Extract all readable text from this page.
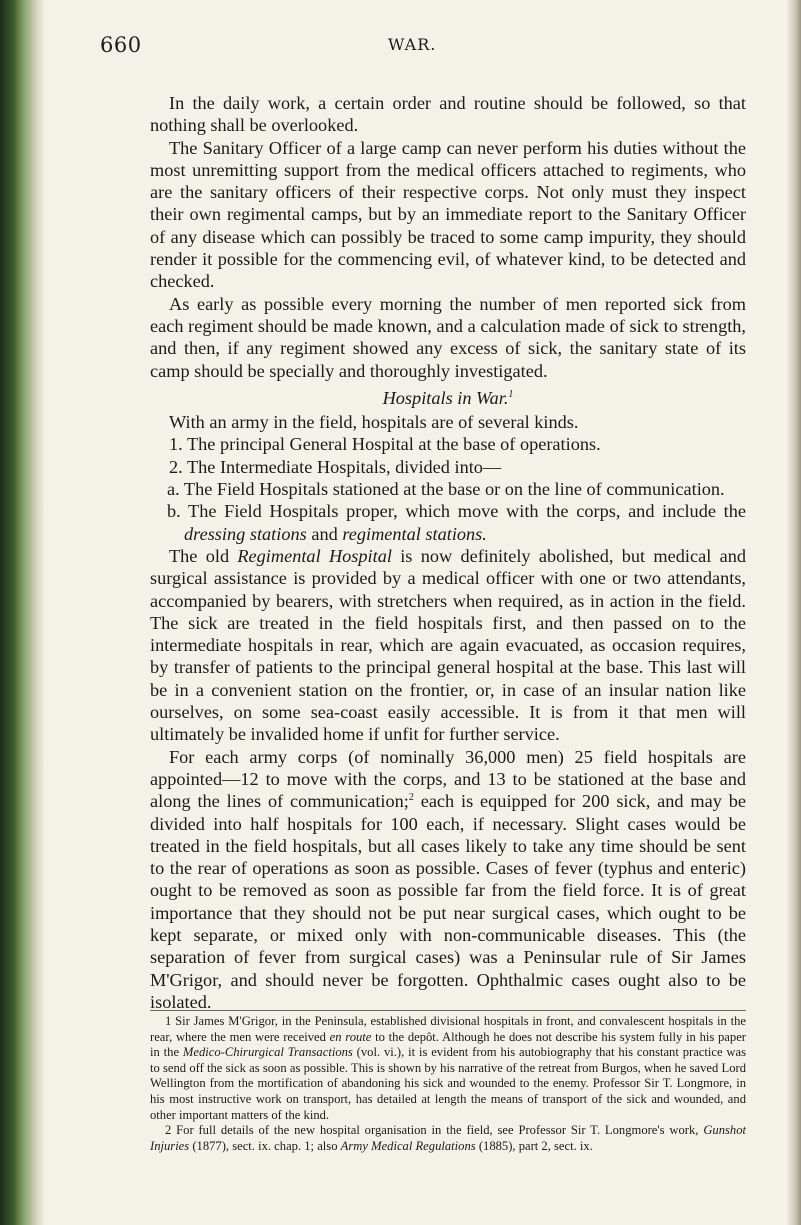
660	WAR.

In the daily work, a certain order and routine should be followed, so that nothing shall be overlooked.

The Sanitary Officer of a large camp can never perform his duties without the most unremitting support from the medical officers attached to regiments, who are the sanitary officers of their respective corps. Not only must they inspect their own regimental camps, but by an immediate report to the Sanitary Officer of any disease which can possibly be traced to some camp impurity, they should render it possible for the commencing evil, of whatever kind, to be detected and checked.

As early as possible every morning the number of men reported sick from each regiment should be made known, and a calculation made of sick to strength, and then, if any regiment showed any excess of sick, the sanitary state of its camp should be specially and thoroughly investigated.

Hospitals in War.$^1$

With an army in the field, hospitals are of several kinds.

1. The principal General Hospital at the base of operations.

2. The Intermediate Hospitals, divided into—

a. The Field Hospitals stationed at the base or on the line of communication.

b. The Field Hospitals proper, which move with the corps, and include the dressing stations and regimental stations.

The old Regimental Hospital is now definitely abolished, but medical and surgical assistance is provided by a medical officer with one or two attendants, accompanied by bearers, with stretchers when required, as in action in the field. The sick are treated in the field hospitals first, and then passed on to the intermediate hospitals in rear, which are again evacuated, as occasion requires, by transfer of patients to the principal general hospital at the base. This last will be in a convenient station on the frontier, or, in case of an insular nation like ourselves, on some sea-coast easily accessible. It is from it that men will ultimately be invalided home if unfit for further service.

For each army corps (of nominally 36,000 men) 25 field hospitals are appointed—12 to move with the corps, and 13 to be stationed at the base and along the lines of communication;$^2$ each is equipped for 200 sick, and may be divided into half hospitals for 100 each, if necessary. Slight cases would be treated in the field hospitals, but all cases likely to take any time should be sent to the rear of operations as soon as possible. Cases of fever (typhus and enteric) ought to be removed as soon as possible far from the field force. It is of great importance that they should not be put near surgical cases, which ought to be kept separate, or mixed only with non-communicable diseases. This (the separation of fever from surgical cases) was a Peninsular rule of Sir James M'Grigor, and should never be forgotten. Ophthalmic cases ought also to be isolated.

1 Sir James M'Grigor, in the Peninsula, established divisional hospitals in front, and convalescent hospitals in the rear, where the men were received en route to the depôt. Although he does not describe his system fully in his paper in the Medico-Chirurgical Transactions (vol. vi.), it is evident from his autobiography that his constant practice was to send off the sick as soon as possible. This is shown by his narrative of the retreat from Burgos, when he saved Lord Wellington from the mortification of abandoning his sick and wounded to the enemy. Professor Sir T. Longmore, in his most instructive work on transport, has detailed at length the means of transport of the sick and wounded, and other important matters of the kind.

2 For full details of the new hospital organisation in the field, see Professor Sir T. Longmore's work, Gunshot Injuries (1877), sect. ix. chap. 1; also Army Medical Regulations (1885), part 2, sect. ix.
